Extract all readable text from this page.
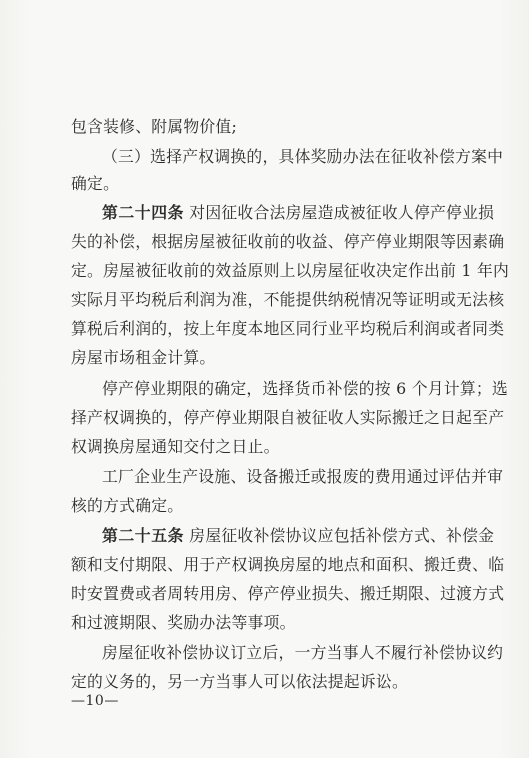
包含装修、附属物价值;
（三）选择产权调换的，具体奖励办法在征收补偿方案中
确定。
第二十四条 对因征收合法房屋造成被征收人停产停业损
失的补偿，根据房屋被征收前的收益、停产停业期限等因素确
定。房屋被征收前的效益原则上以房屋征收决定作出前 1 年内
实际月平均税后利润为准，不能提供纳税情况等证明或无法核
算税后利润的，按上年度本地区同行业平均税后利润或者同类
房屋市场租金计算。
停产停业期限的确定，选择货币补偿的按 6 个月计算；选
择产权调换的，停产停业期限自被征收人实际搬迁之日起至产
权调换房屋通知交付之日止。
工厂企业生产设施、设备搬迁或报废的费用通过评估并审
核的方式确定。
第二十五条 房屋征收补偿协议应包括补偿方式、补偿金
额和支付期限、用于产权调换房屋的地点和面积、搬迁费、临
时安置费或者周转用房、停产停业损失、搬迁期限、过渡方式
和过渡期限、奖励办法等事项。
房屋征收补偿协议订立后，一方当事人不履行补偿协议约
定的义务的，另一方当事人可以依法提起诉讼。
—10—
